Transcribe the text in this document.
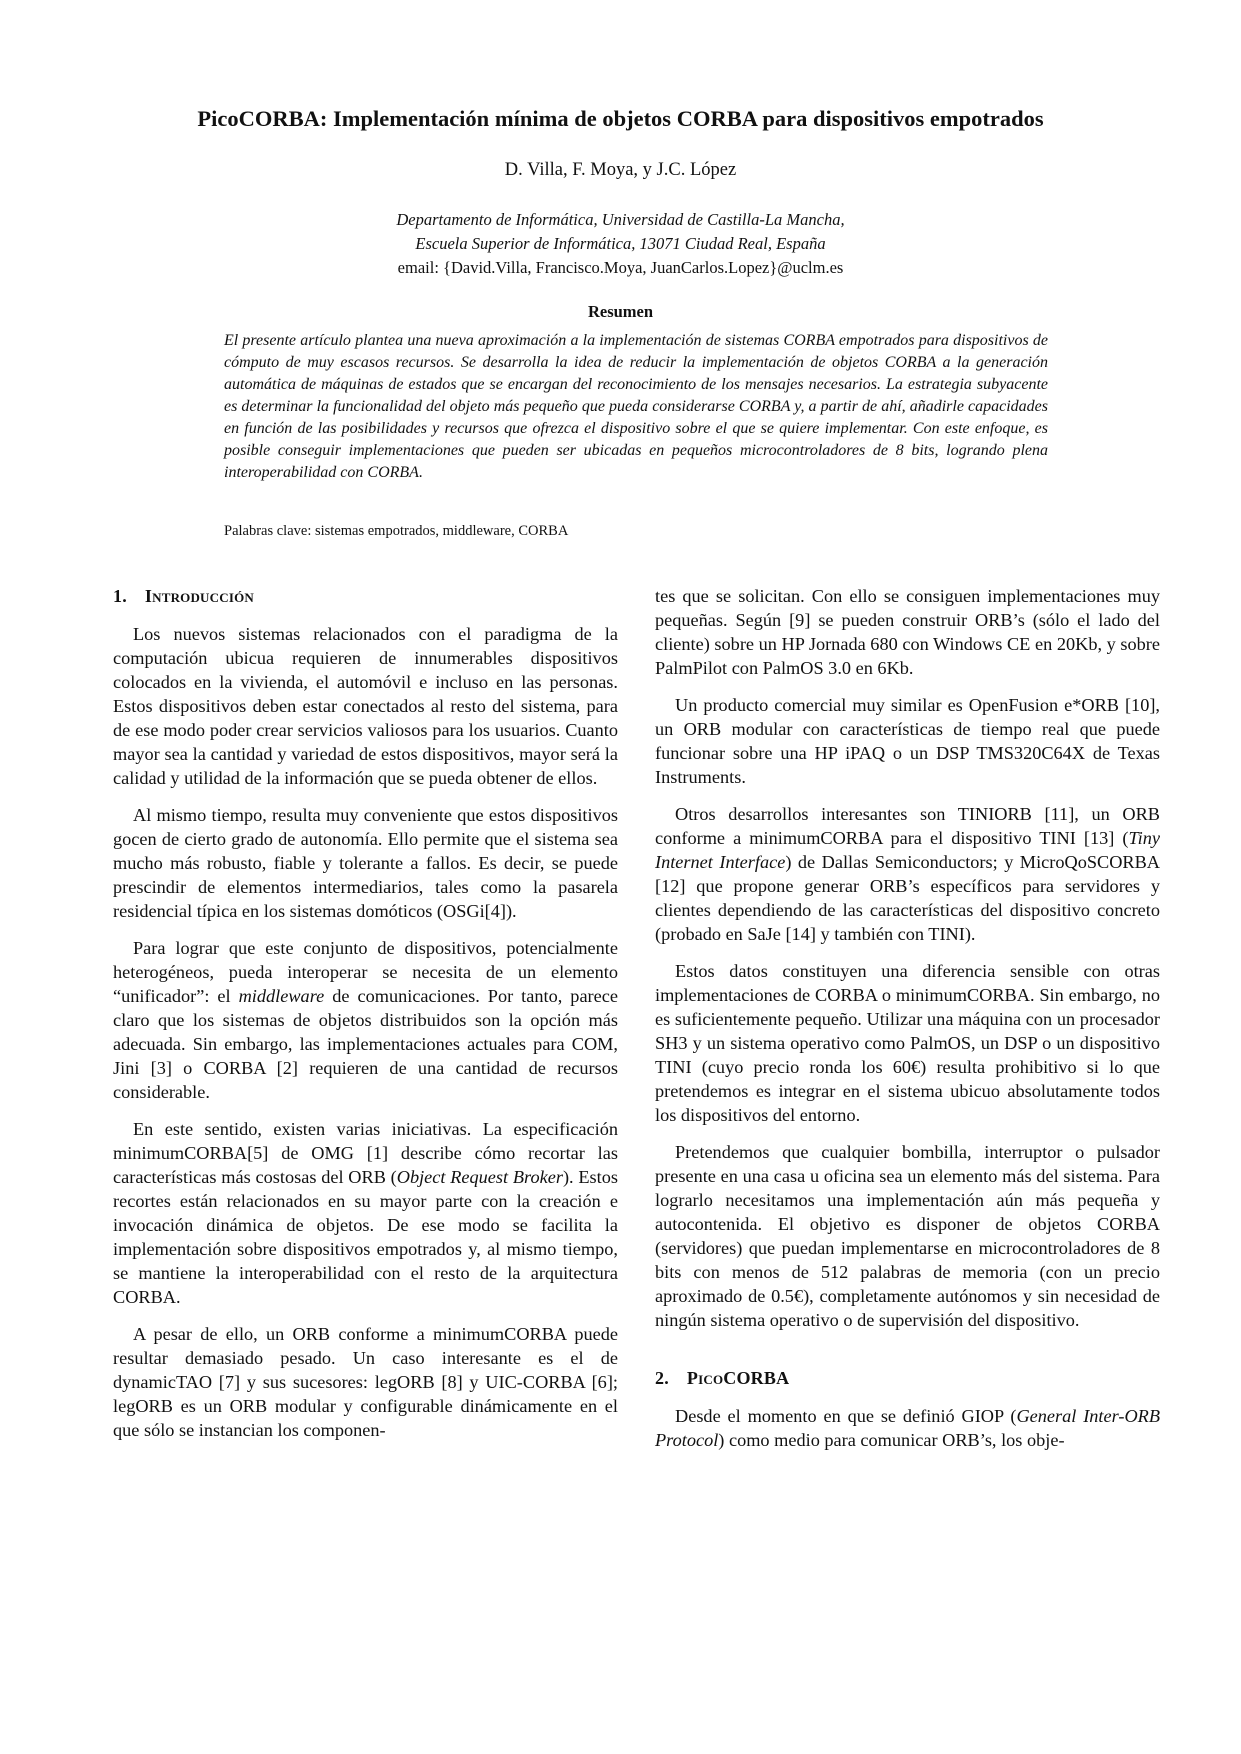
PicoCORBA: Implementación mínima de objetos CORBA para dispositivos empotrados

D. Villa, F. Moya, y J.C. López

Departamento de Informática, Universidad de Castilla-La Mancha,
Escuela Superior de Informática, 13071 Ciudad Real, España
email: {David.Villa, Francisco.Moya, JuanCarlos.Lopez}@uclm.es
Resumen

El presente artículo plantea una nueva aproximación a la implementación de sistemas CORBA empotrados para dispositivos de cómputo de muy escasos recursos. Se desarrolla la idea de reducir la implementación de objetos CORBA a la generación automática de máquinas de estados que se encargan del reconocimiento de los mensajes necesarios. La estrategia subyacente es determinar la funcionalidad del objeto más pequeño que pueda considerarse CORBA y, a partir de ahí, añadirle capacidades en función de las posibilidades y recursos que ofrezca el dispositivo sobre el que se quiere implementar. Con este enfoque, es posible conseguir implementaciones que pueden ser ubicadas en pequeños microcontroladores de 8 bits, logrando plena interoperabilidad con CORBA.

Palabras clave: sistemas empotrados, middleware, CORBA

1. Introducción

Los nuevos sistemas relacionados con el paradigma de la computación ubicua requieren de innumerables dispositivos colocados en la vivienda, el automóvil e incluso en las personas. Estos dispositivos deben estar conectados al resto del sistema, para de ese modo poder crear servicios valiosos para los usuarios. Cuanto mayor sea la cantidad y variedad de estos dispositivos, mayor será la calidad y utilidad de la información que se pueda obtener de ellos.

Al mismo tiempo, resulta muy conveniente que estos dispositivos gocen de cierto grado de autonomía. Ello permite que el sistema sea mucho más robusto, fiable y tolerante a fallos. Es decir, se puede prescindir de elementos intermediarios, tales como la pasarela residencial típica en los sistemas domóticos (OSGi[4]).

Para lograr que este conjunto de dispositivos, potencialmente heterogéneos, pueda interoperar se necesita de un elemento “unificador”: el middleware de comunicaciones. Por tanto, parece claro que los sistemas de objetos distribuidos son la opción más adecuada. Sin embargo, las implementaciones actuales para COM, Jini [3] o CORBA [2] requieren de una cantidad de recursos considerable.

En este sentido, existen varias iniciativas. La especificación minimumCORBA[5] de OMG [1] describe cómo recortar las características más costosas del ORB (Object Request Broker). Estos recortes están relacionados en su mayor parte con la creación e invocación dinámica de objetos. De ese modo se facilita la implementación sobre dispositivos empotrados y, al mismo tiempo, se mantiene la interoperabilidad con el resto de la arquitectura CORBA.

A pesar de ello, un ORB conforme a minimumCORBA puede resultar demasiado pesado. Un caso interesante es el de dynamicTAO [7] y sus sucesores: legORB [8] y UIC-CORBA [6]; legORB es un ORB modular y configurable dinámicamente en el que sólo se instancian los componen-

tes que se solicitan. Con ello se consiguen implementaciones muy pequeñas. Según [9] se pueden construir ORB’s (sólo el lado del cliente) sobre un HP Jornada 680 con Windows CE en 20Kb, y sobre PalmPilot con PalmOS 3.0 en 6Kb.

Un producto comercial muy similar es OpenFusion e*ORB [10], un ORB modular con características de tiempo real que puede funcionar sobre una HP iPAQ o un DSP TMS320C64X de Texas Instruments.

Otros desarrollos interesantes son TINIORB [11], un ORB conforme a minimumCORBA para el dispositivo TINI [13] (Tiny Internet Interface) de Dallas Semiconductors; y MicroQoSCORBA [12] que propone generar ORB’s específicos para servidores y clientes dependiendo de las características del dispositivo concreto (probado en SaJe [14] y también con TINI).

Estos datos constituyen una diferencia sensible con otras implementaciones de CORBA o minimumCORBA. Sin embargo, no es suficientemente pequeño. Utilizar una máquina con un procesador SH3 y un sistema operativo como PalmOS, un DSP o un dispositivo TINI (cuyo precio ronda los 60€) resulta prohibitivo si lo que pretendemos es integrar en el sistema ubicuo absolutamente todos los dispositivos del entorno.

Pretendemos que cualquier bombilla, interruptor o pulsador presente en una casa u oficina sea un elemento más del sistema. Para lograrlo necesitamos una implementación aún más pequeña y autocontenida. El objetivo es disponer de objetos CORBA (servidores) que puedan implementarse en microcontroladores de 8 bits con menos de 512 palabras de memoria (con un precio aproximado de 0.5€), completamente autónomos y sin necesidad de ningún sistema operativo o de supervisión del dispositivo.

2. PicoCORBA

Desde el momento en que se definió GIOP (General Inter-ORB Protocol) como medio para comunicar ORB’s, los obje-
